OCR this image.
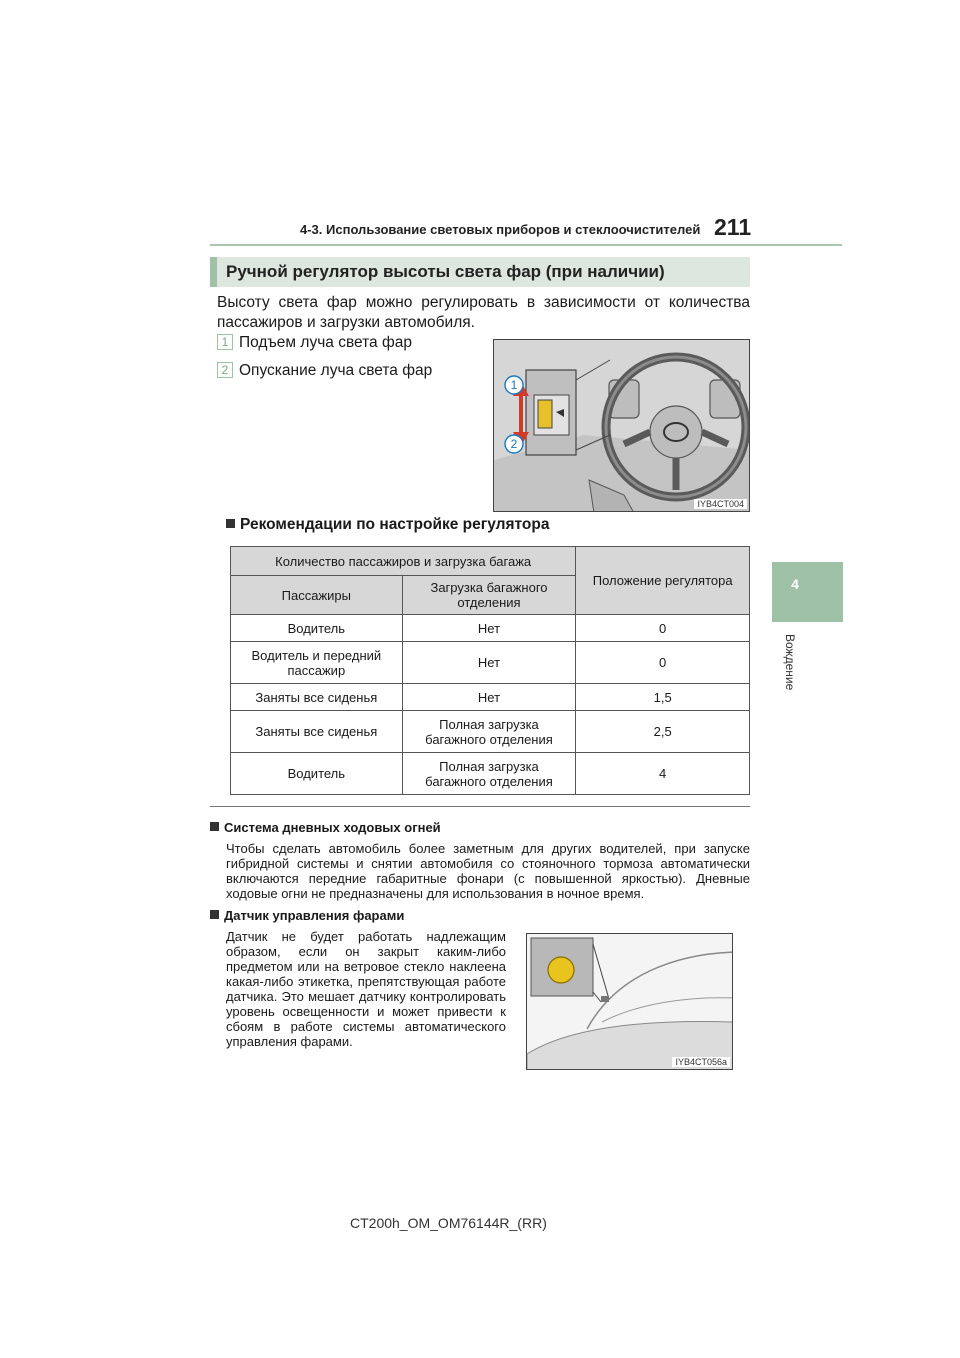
4-3. Использование световых приборов и стеклоочистителей 211
4
Вождение
Ручной регулятор высоты света фар (при наличии)
Высоту света фар можно регулировать в зависимости от количества пассажиров и загрузки автомобиля.
1 Подъем луча света фар
2 Опускание луча света фар
1
2
IYB4CT004
Рекомендации по настройке регулятора
Количество пассажиров и загрузка багажа		Положение регулятора
Пассажиры	Загрузка багажного отделения	
Водитель	Нет	0
Водитель и передний пассажир	Нет	0
Заняты все сиденья	Нет	1,5
Заняты все сиденья	Полная загрузка багажного отделения	2,5
Водитель	Полная загрузка багажного отделения	4
Система дневных ходовых огней
Чтобы сделать автомобиль более заметным для других водителей, при запуске гибридной системы и снятии автомобиля со стояночного тормоза автоматически включаются передние габаритные фонари (с повышенной яркостью). Дневные ходовые огни не предназначены для использования в ночное время.
Датчик управления фарами
Датчик не будет работать надлежащим образом, если он закрыт каким-либо предметом или на ветровое стекло наклеена какая-либо этикетка, препятствующая работе датчика. Это мешает датчику контролировать уровень освещенности и может привести к сбоям в работе системы автоматического управления фарами.
IYB4CT056a
CT200h_OM_OM76144R_(RR)
